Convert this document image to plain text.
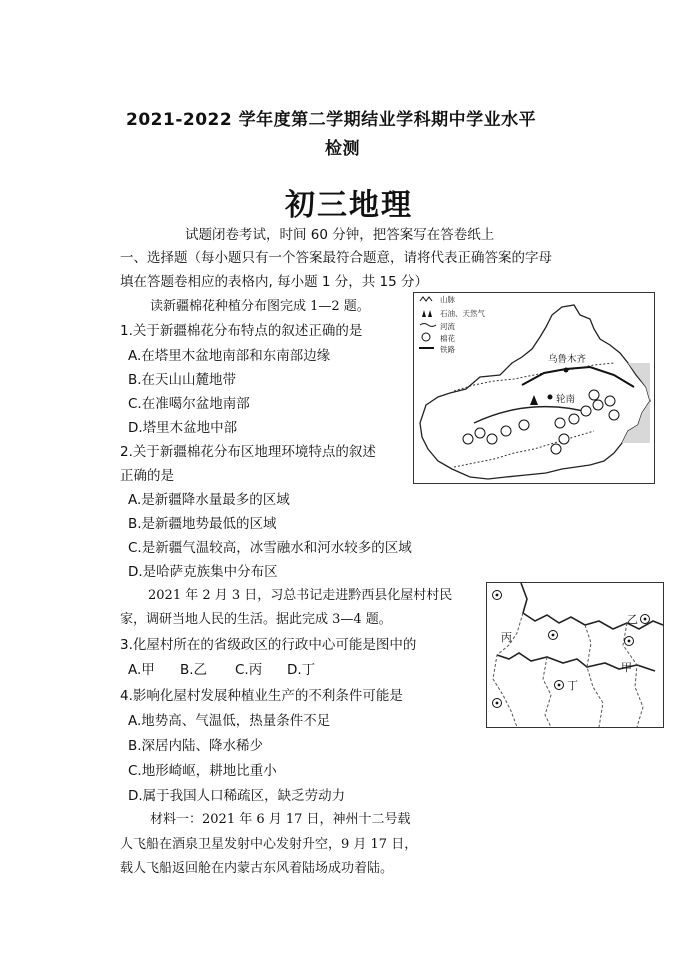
2021-2022 学年度第二学期结业学科期中学业水平
检测
初三地理
试题闭卷考试，时间 60 分钟，把答案写在答卷纸上
一、选择题（每小题只有一个答案最符合题意，请将代表正确答案的字母
填在答题卷相应的表格内, 每小题 1 分，共 15 分）
读新疆棉花种植分布图完成 1—2 题。
1.关于新疆棉花分布特点的叙述正确的是
A.在塔里木盆地南部和东南部边缘
B.在天山山麓地带
C.在准噶尔盆地南部
D.塔里木盆地中部
2.关于新疆棉花分布区地理环境特点的叙述
正确的是
A.是新疆降水量最多的区域
B.是新疆地势最低的区域
C.是新疆气温较高，冰雪融水和河水较多的区域
D.是哈萨克族集中分布区
2021 年 2 月 3 日，习总书记走进黔西县化屋村村民
家，调研当地人民的生活。据此完成 3—4 题。
3.化屋村所在的省级政区的行政中心可能是图中的
A.甲 B.乙 C.丙 D.丁
4.影响化屋村发展种植业生产的不利条件可能是
A.地势高、气温低，热量条件不足
B.深居内陆、降水稀少
C.地形崎岖，耕地比重小
D.属于我国人口稀疏区，缺乏劳动力
材料一：2021 年 6 月 17 日，神州十二号载
人飞船在酒泉卫星发射中心发射升空，9 月 17 日，
载人飞船返回舱在内蒙古东风着陆场成功着陆。
山脉
石油、天然气
河流
棉花
铁路
乌鲁木齐
轮南
丙
乙
甲
丁
